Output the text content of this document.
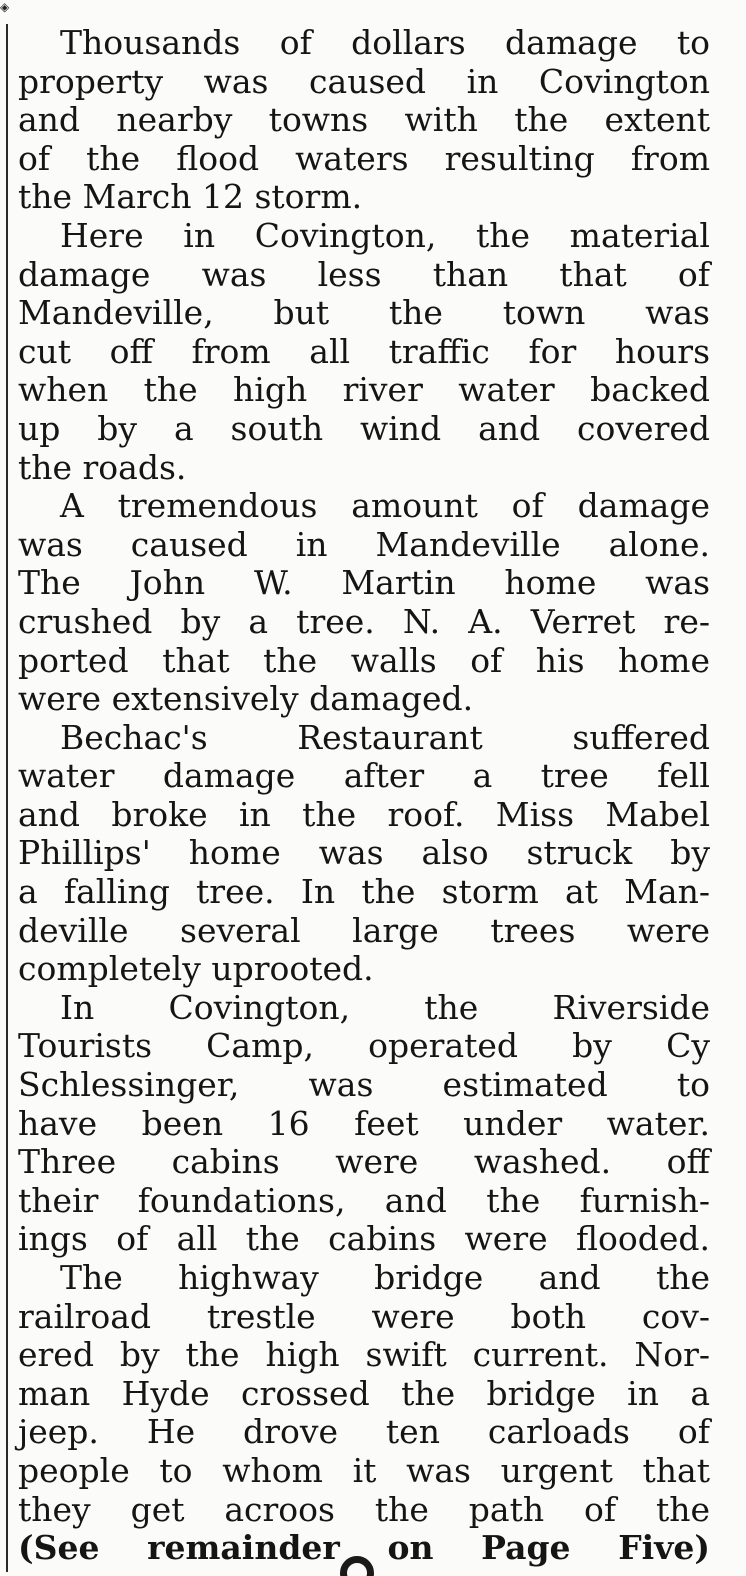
◈
Thousands of dollars damage to
property was caused in Covington
and nearby towns with the extent
of the flood waters resulting from
the March 12 storm.
Here in Covington, the material
damage was less than that of
Mandeville, but the town was
cut off from all traffic for hours
when the high river water backed
up by a south wind and covered
the roads.
A tremendous amount of damage
was caused in Mandeville alone.
The John W. Martin home was
crushed by a tree. N. A. Verret re-
ported that the walls of his home
were extensively damaged.
Bechac's Restaurant suffered
water damage after a tree fell
and broke in the roof. Miss Mabel
Phillips' home was also struck by
a falling tree. In the storm at Man-
deville several large trees were
completely uprooted.
In Covington, the Riverside
Tourists Camp, operated by Cy
Schlessinger, was estimated to
have been 16 feet under water.
Three cabins were washed. off
their foundations, and the furnish-
ings of all the cabins were flooded.
The highway bridge and the
railroad trestle were both cov-
ered by the high swift current. Nor-
man Hyde crossed the bridge in a
jeep. He drove ten carloads of
people to whom it was urgent that
they get acroos the path of the
(See remainder on Page Five)
